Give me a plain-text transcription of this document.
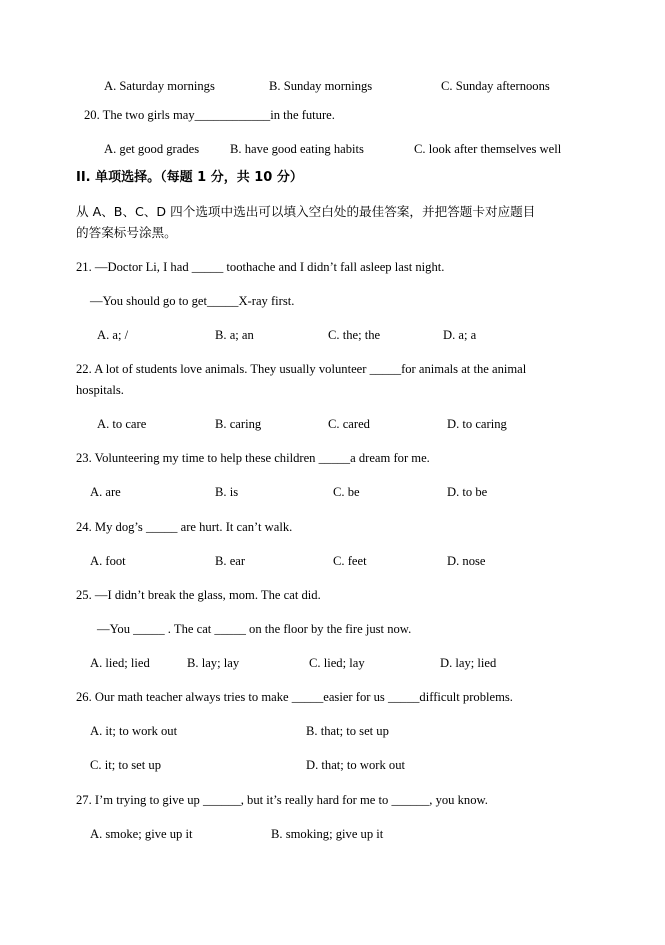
A. Saturday mornings	B. Sunday mornings	C. Sunday afternoons
20. The two girls may____________in the future.
A. get good grades B. have good eating habits	C. look after themselves well
II. 单项选择。（每题 1 分，共 10 分）
从 A、B、C、D 四个选项中选出可以填入空白处的最佳答案，并把答题卡对应题目
的答案标号涂黑。
21. —Doctor Li, I had _____ toothache and I didn’t fall asleep last night.
—You should go to get_____X-ray first.
A. a; /	B. a; an	C. the; the	D. a; a
22. A lot of students love animals. They usually volunteer _____for animals at the animal
hospitals.
A. to care	B. caring	C. cared	D. to caring
23. Volunteering my time to help these children _____a dream for me.
A. are	B. is	C. be	D. to be
24. My dog’s _____ are hurt. It can’t walk.
A. foot	B. ear	C. feet	D. nose
25. —I didn’t break the glass, mom. The cat did.
—You _____ . The cat _____ on the floor by the fire just now.
A. lied; lied	B. lay; lay	C. lied; lay	D. lay; lied
26. Our math teacher always tries to make _____easier for us _____difficult problems.
A. it; to work out	B. that; to set up
C. it; to set up	D. that; to work out
27. I’m trying to give up ______, but it’s really hard for me to ______, you know.
A. smoke; give up it	B. smoking; give up it
